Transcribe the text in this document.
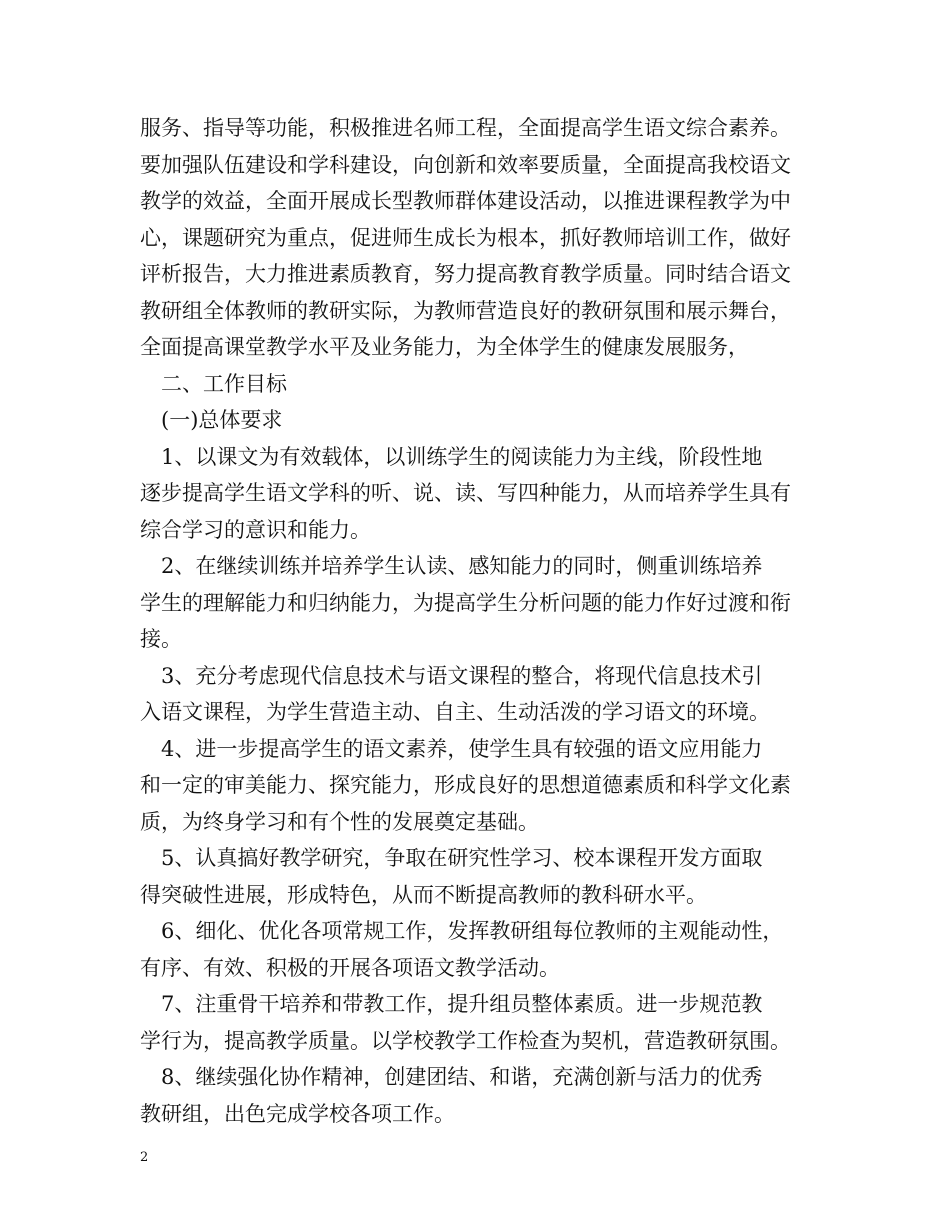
服务、指导等功能，积极推进名师工程，全面提高学生语文综合素养。
要加强队伍建设和学科建设，向创新和效率要质量，全面提高我校语文
教学的效益，全面开展成长型教师群体建设活动，以推进课程教学为中
心，课题研究为重点，促进师生成长为根本，抓好教师培训工作，做好
评析报告，大力推进素质教育，努力提高教育教学质量。同时结合语文
教研组全体教师的教研实际，为教师营造良好的教研氛围和展示舞台，
全面提高课堂教学水平及业务能力，为全体学生的健康发展服务，
二、工作目标
(一)总体要求
1、以课文为有效载体，以训练学生的阅读能力为主线，阶段性地
逐步提高学生语文学科的听、说、读、写四种能力，从而培养学生具有
综合学习的意识和能力。
2、在继续训练并培养学生认读、感知能力的同时，侧重训练培养
学生的理解能力和归纳能力，为提高学生分析问题的能力作好过渡和衔
接。
3、充分考虑现代信息技术与语文课程的整合，将现代信息技术引
入语文课程，为学生营造主动、自主、生动活泼的学习语文的环境。
4、进一步提高学生的语文素养，使学生具有较强的语文应用能力
和一定的审美能力、探究能力，形成良好的思想道德素质和科学文化素
质，为终身学习和有个性的发展奠定基础。
5、认真搞好教学研究，争取在研究性学习、校本课程开发方面取
得突破性进展，形成特色，从而不断提高教师的教科研水平。
6、细化、优化各项常规工作，发挥教研组每位教师的主观能动性，
有序、有效、积极的开展各项语文教学活动。
7、注重骨干培养和带教工作，提升组员整体素质。进一步规范教
学行为，提高教学质量。以学校教学工作检查为契机，营造教研氛围。
8、继续强化协作精神，创建团结、和谐，充满创新与活力的优秀
教研组，出色完成学校各项工作。
2
